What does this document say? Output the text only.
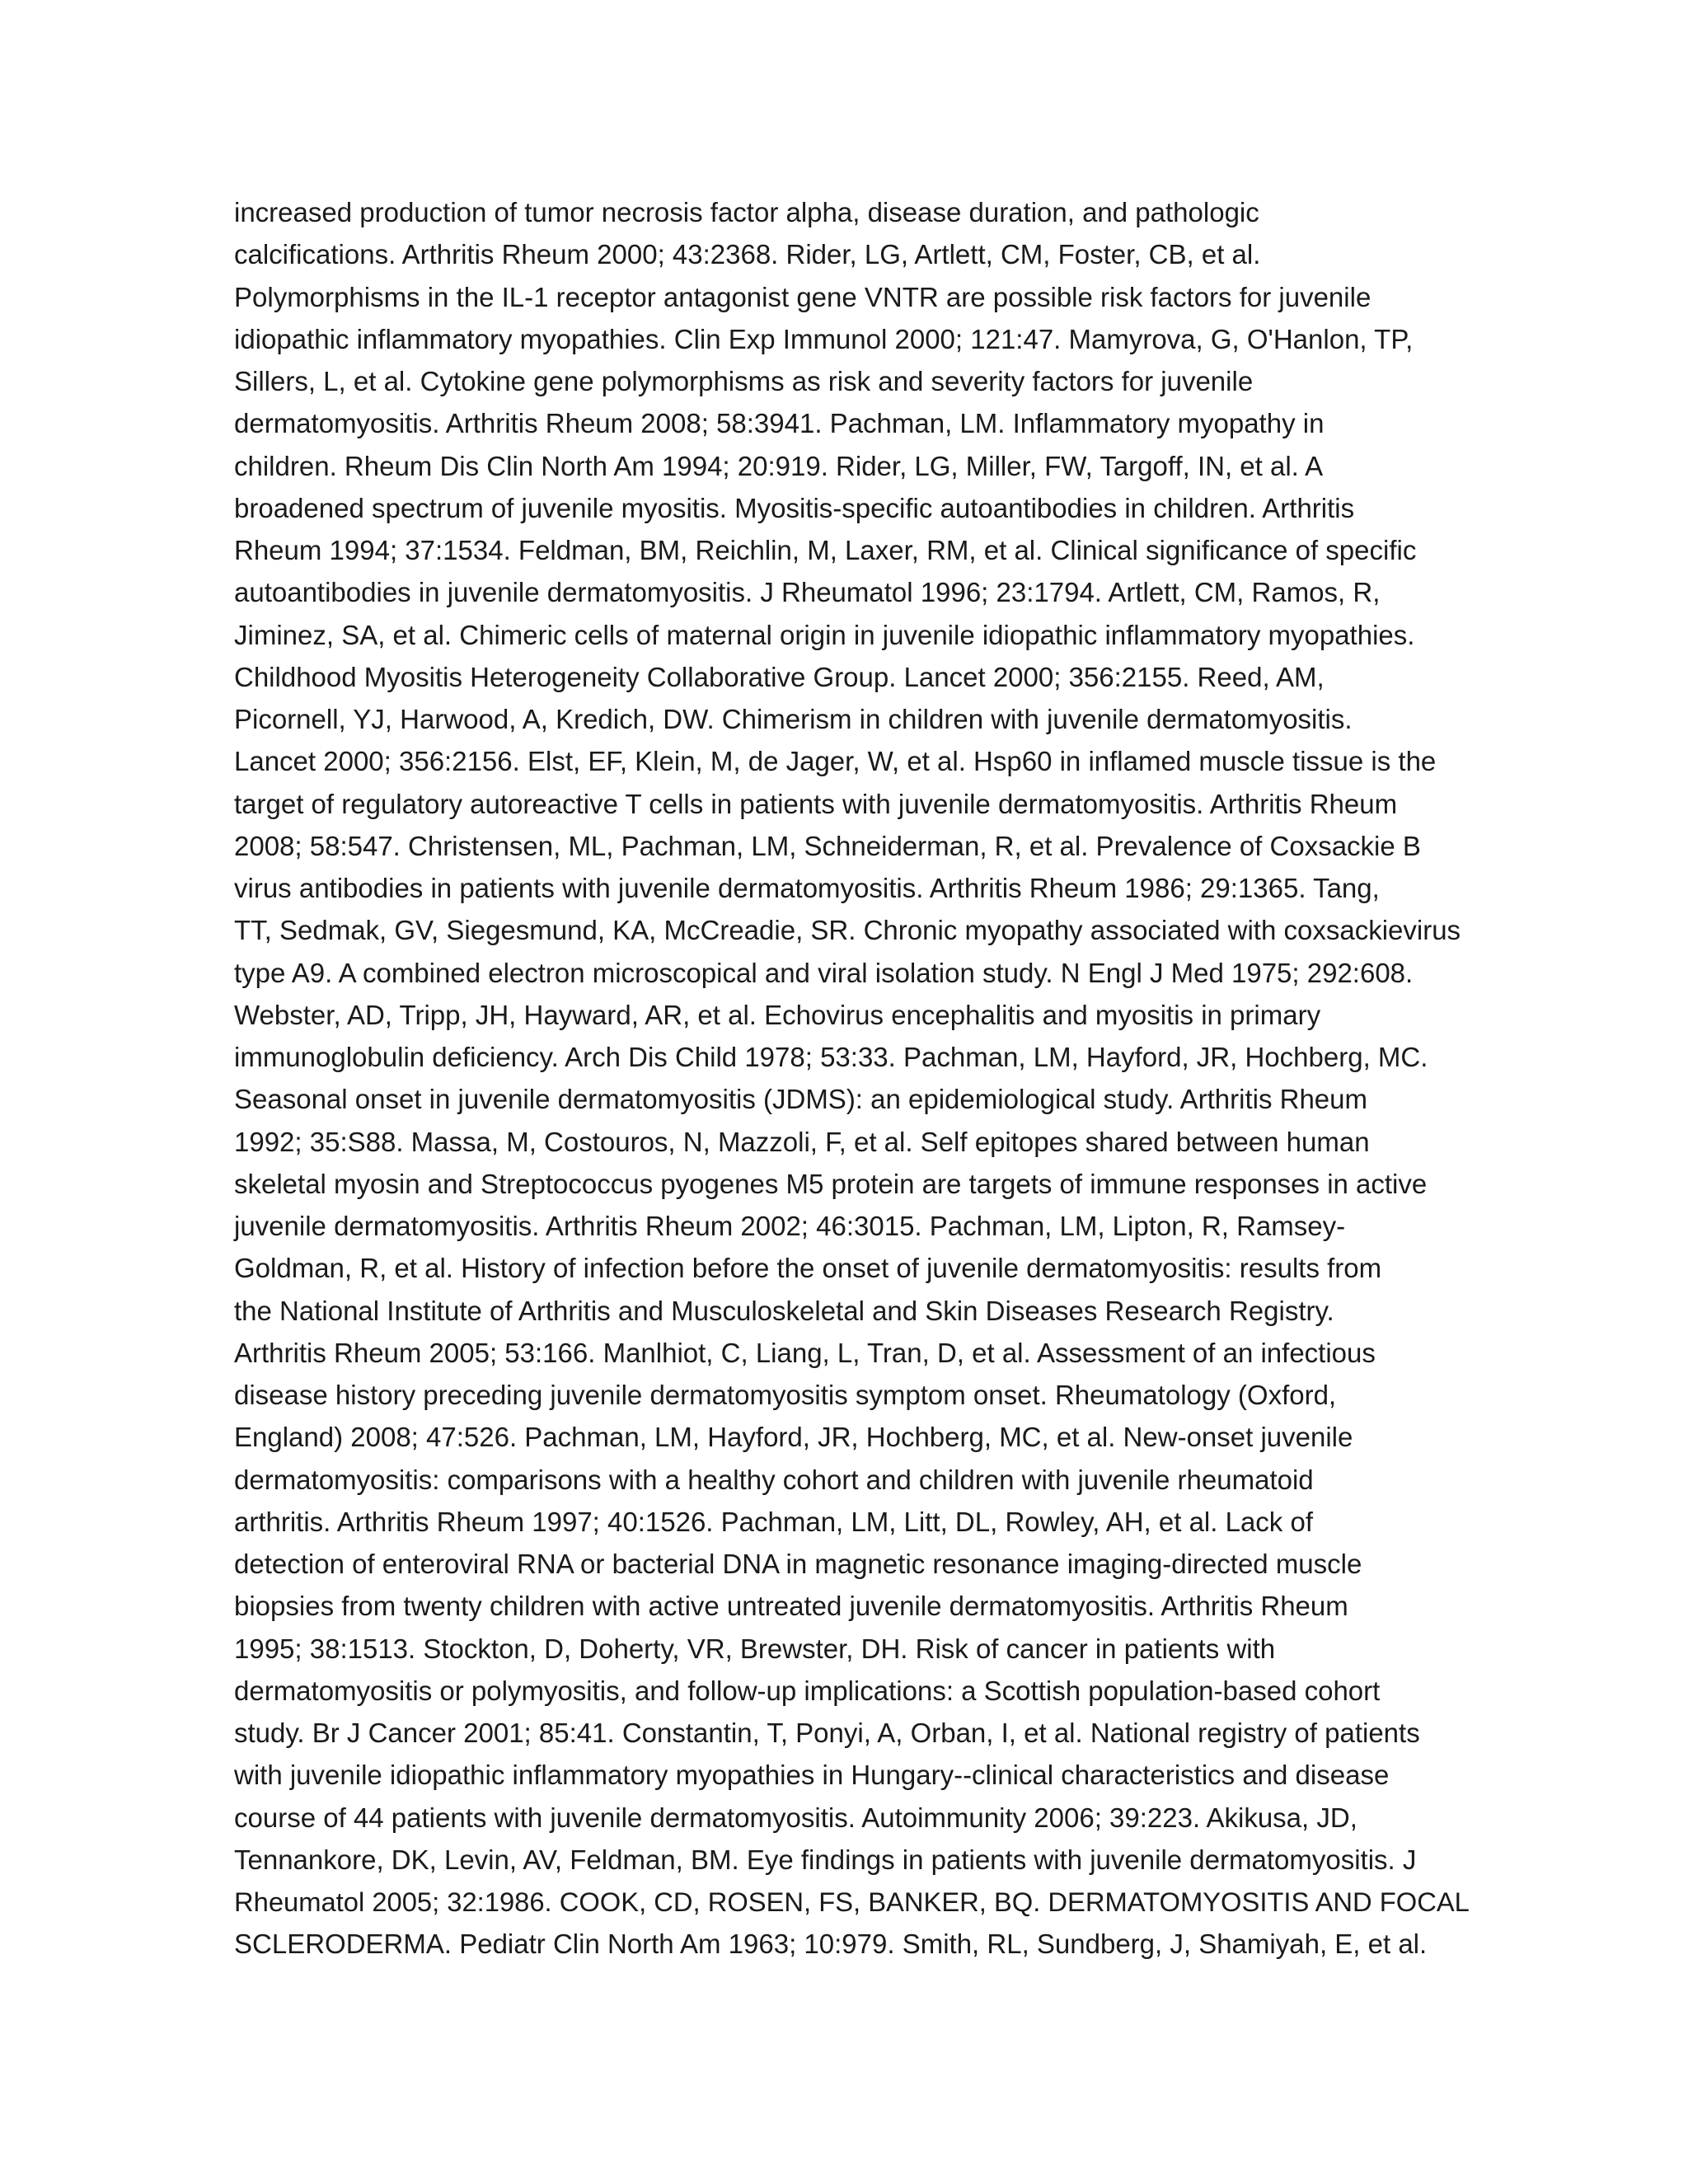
increased production of tumor necrosis factor alpha, disease duration, and pathologic
calcifications. Arthritis Rheum 2000; 43:2368. Rider, LG, Artlett, CM, Foster, CB, et al.
Polymorphisms in the IL-1 receptor antagonist gene VNTR are possible risk factors for juvenile
idiopathic inflammatory myopathies. Clin Exp Immunol 2000; 121:47. Mamyrova, G, O'Hanlon, TP,
Sillers, L, et al. Cytokine gene polymorphisms as risk and severity factors for juvenile
dermatomyositis. Arthritis Rheum 2008; 58:3941. Pachman, LM. Inflammatory myopathy in
children. Rheum Dis Clin North Am 1994; 20:919. Rider, LG, Miller, FW, Targoff, IN, et al. A
broadened spectrum of juvenile myositis. Myositis-specific autoantibodies in children. Arthritis
Rheum 1994; 37:1534. Feldman, BM, Reichlin, M, Laxer, RM, et al. Clinical significance of specific
autoantibodies in juvenile dermatomyositis. J Rheumatol 1996; 23:1794. Artlett, CM, Ramos, R,
Jiminez, SA, et al. Chimeric cells of maternal origin in juvenile idiopathic inflammatory myopathies.
Childhood Myositis Heterogeneity Collaborative Group. Lancet 2000; 356:2155. Reed, AM,
Picornell, YJ, Harwood, A, Kredich, DW. Chimerism in children with juvenile dermatomyositis.
Lancet 2000; 356:2156. Elst, EF, Klein, M, de Jager, W, et al. Hsp60 in inflamed muscle tissue is the
target of regulatory autoreactive T cells in patients with juvenile dermatomyositis. Arthritis Rheum
2008; 58:547. Christensen, ML, Pachman, LM, Schneiderman, R, et al. Prevalence of Coxsackie B
virus antibodies in patients with juvenile dermatomyositis. Arthritis Rheum 1986; 29:1365. Tang,
TT, Sedmak, GV, Siegesmund, KA, McCreadie, SR. Chronic myopathy associated with coxsackievirus
type A9. A combined electron microscopical and viral isolation study. N Engl J Med 1975; 292:608.
Webster, AD, Tripp, JH, Hayward, AR, et al. Echovirus encephalitis and myositis in primary
immunoglobulin deficiency. Arch Dis Child 1978; 53:33. Pachman, LM, Hayford, JR, Hochberg, MC.
Seasonal onset in juvenile dermatomyositis (JDMS): an epidemiological study. Arthritis Rheum
1992; 35:S88. Massa, M, Costouros, N, Mazzoli, F, et al. Self epitopes shared between human
skeletal myosin and Streptococcus pyogenes M5 protein are targets of immune responses in active
juvenile dermatomyositis. Arthritis Rheum 2002; 46:3015. Pachman, LM, Lipton, R, Ramsey-
Goldman, R, et al. History of infection before the onset of juvenile dermatomyositis: results from
the National Institute of Arthritis and Musculoskeletal and Skin Diseases Research Registry.
Arthritis Rheum 2005; 53:166. Manlhiot, C, Liang, L, Tran, D, et al. Assessment of an infectious
disease history preceding juvenile dermatomyositis symptom onset. Rheumatology (Oxford,
England) 2008; 47:526. Pachman, LM, Hayford, JR, Hochberg, MC, et al. New-onset juvenile
dermatomyositis: comparisons with a healthy cohort and children with juvenile rheumatoid
arthritis. Arthritis Rheum 1997; 40:1526. Pachman, LM, Litt, DL, Rowley, AH, et al. Lack of
detection of enteroviral RNA or bacterial DNA in magnetic resonance imaging-directed muscle
biopsies from twenty children with active untreated juvenile dermatomyositis. Arthritis Rheum
1995; 38:1513. Stockton, D, Doherty, VR, Brewster, DH. Risk of cancer in patients with
dermatomyositis or polymyositis, and follow-up implications: a Scottish population-based cohort
study. Br J Cancer 2001; 85:41. Constantin, T, Ponyi, A, Orban, I, et al. National registry of patients
with juvenile idiopathic inflammatory myopathies in Hungary--clinical characteristics and disease
course of 44 patients with juvenile dermatomyositis. Autoimmunity 2006; 39:223. Akikusa, JD,
Tennankore, DK, Levin, AV, Feldman, BM. Eye findings in patients with juvenile dermatomyositis. J
Rheumatol 2005; 32:1986. COOK, CD, ROSEN, FS, BANKER, BQ. DERMATOMYOSITIS AND FOCAL
SCLERODERMA. Pediatr Clin North Am 1963; 10:979. Smith, RL, Sundberg, J, Shamiyah, E, et al.
